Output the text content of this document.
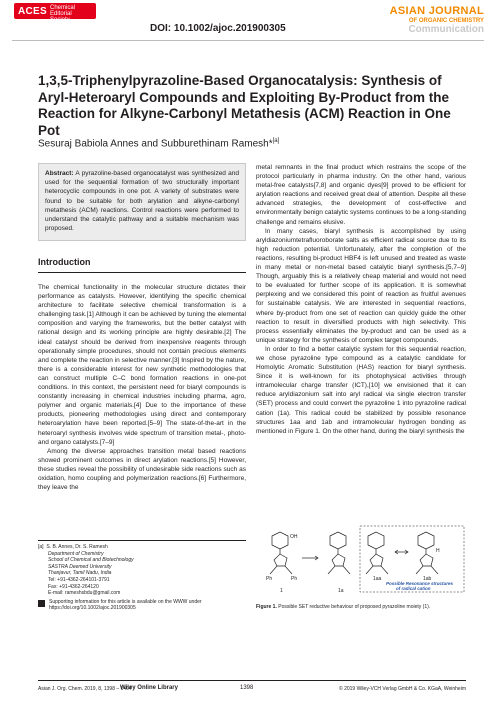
ACES
Asian Chemical Editorial Society
DOI: 10.1002/ajoc.201900305
ASIAN JOURNAL
OF ORGANIC CHEMISTRY
Communication
1,3,5-Triphenylpyrazoline-Based Organocatalysis: Synthesis of Aryl-Heteroaryl Compounds and Exploiting By-Product from the Reaction for Alkyne-Carbonyl Metathesis (ACM) Reaction in One Pot
Sesuraj Babiola Annes and Subburethinam Ramesh*[a]
Abstract: A pyrazoline-based organocatalyst was synthesized and used for the sequential formation of two structurally important heterocyclic compounds in one pot. A variety of substrates were found to be suitable for both arylation and alkyne-carbonyl metathesis (ACM) reactions. Control reactions were performed to understand the catalytic pathway and a suitable mechanism was proposed.
Introduction

The chemical functionality in the molecular structure dictates their performance as catalysts. However, identifying the specific chemical architecture to facilitate selective chemical transformation is a challenging task.[1] Although it can be achieved by tuning the elemental composition and varying the frameworks, but the better catalyst with rational design and its working principle are highly desirable.[2] The ideal catalyst should be derived from inexpensive reagents through operationally simple procedures, should not contain precious elements and complete the reaction in selective manner.[3] Inspired by the nature, there is a considerable interest for new synthetic methodologies that can construct multiple C–C bond formation reactions in one-pot conditions. In this context, the persistent need for biaryl compounds is constantly increasing in chemical industries including pharma, agro, polymer and organic materials.[4] Due to the importance of these products, pioneering methodologies using direct and contemporary heteroarylation have been reported.[5–9] The state-of-the-art in the heteroaryl synthesis involves wide spectrum of transition metal-, photo- and organo catalysts.[7–9]

Among the diverse approaches transition metal based reactions showed prominent outcomes in direct arylation reactions.[5] However, these studies reveal the possibility of undesirable side reactions such as oxidation, homo coupling and polymerization reactions.[6] Furthermore, they leave the

metal remnants in the final product which restrains the scope of the protocol particularly in pharma industry. On the other hand, various metal-free catalysts[7,8] and organic dyes[9] proved to be efficient for arylation reactions and received great deal of attention. Despite all these advanced strategies, the development of cost-effective and environmentally benign catalytic systems continues to be a long-standing challenge and remains elusive.

In many cases, biaryl synthesis is accomplished by using aryldiazoniumtetrafluoroborate salts as efficient radical source due to its high reduction potential. Unfortunately, after the completion of the reactions, resulting bi-product HBF4 is left unused and treated as waste in many metal or non-metal based catalytic biaryl synthesis.[5,7–9] Though, arguably this is a relatively cheap material and would not need to be evaluated for further scope of its application. It is somewhat perplexing and we considered this point of reaction as fruitful avenues for sustainable catalysis. We are interested in sequential reactions, where by-product from one set of reaction can quickly guide the other reaction to result in diversified products with high selectivity. This process essentially eliminates the by-product and can be used as a unique strategy for the synthesis of complex target compounds.

In order to find a better catalytic system for this sequential reaction, we chose pyrazoline type compound as a catalytic candidate for Homolytic Aromatic Substitution (HAS) reaction for biaryl synthesis. Since it is well-known for its photophysical activities through intramolecular charge transfer (ICT),[10] we envisioned that it can reduce aryldiazonium salt into aryl radical via single electron transfer (SET) process and could convert the pyrazoline 1 into pyrazoline radical cation (1a). This radical could be stabilized by possible resonance structures 1aa and 1ab and intramolecular hydrogen bonding as mentioned in Figure 1. On the other hand, during the biaryl synthesis the

[a] S. B. Annes, Dr. S. Ramesh
Department of Chemistry
School of Chemical and Biotechnology
SASTRA Deemed University
Thanjavur, Tamil Nadu, India
Tel: +91-4362-264101-3791
Fax: +91-4362-264120
E-mail: rameshsbdu@gmail.com
Supporting information for this article is available on the WWW under https://doi.org/10.1002/ajoc.201900305
OH
Ph	Ph
1	1a
H
1aa	1ab
Possible Resonance structures
of radical cation
Figure 1. Possible SET reductive behaviour of proposed pyrazoline moiety (1).
Asian J. Org. Chem. 2019, 8, 1398 – 1404
Wiley Online Library	1398	© 2019 Wiley-VCH Verlag GmbH & Co. KGaA, Weinheim
